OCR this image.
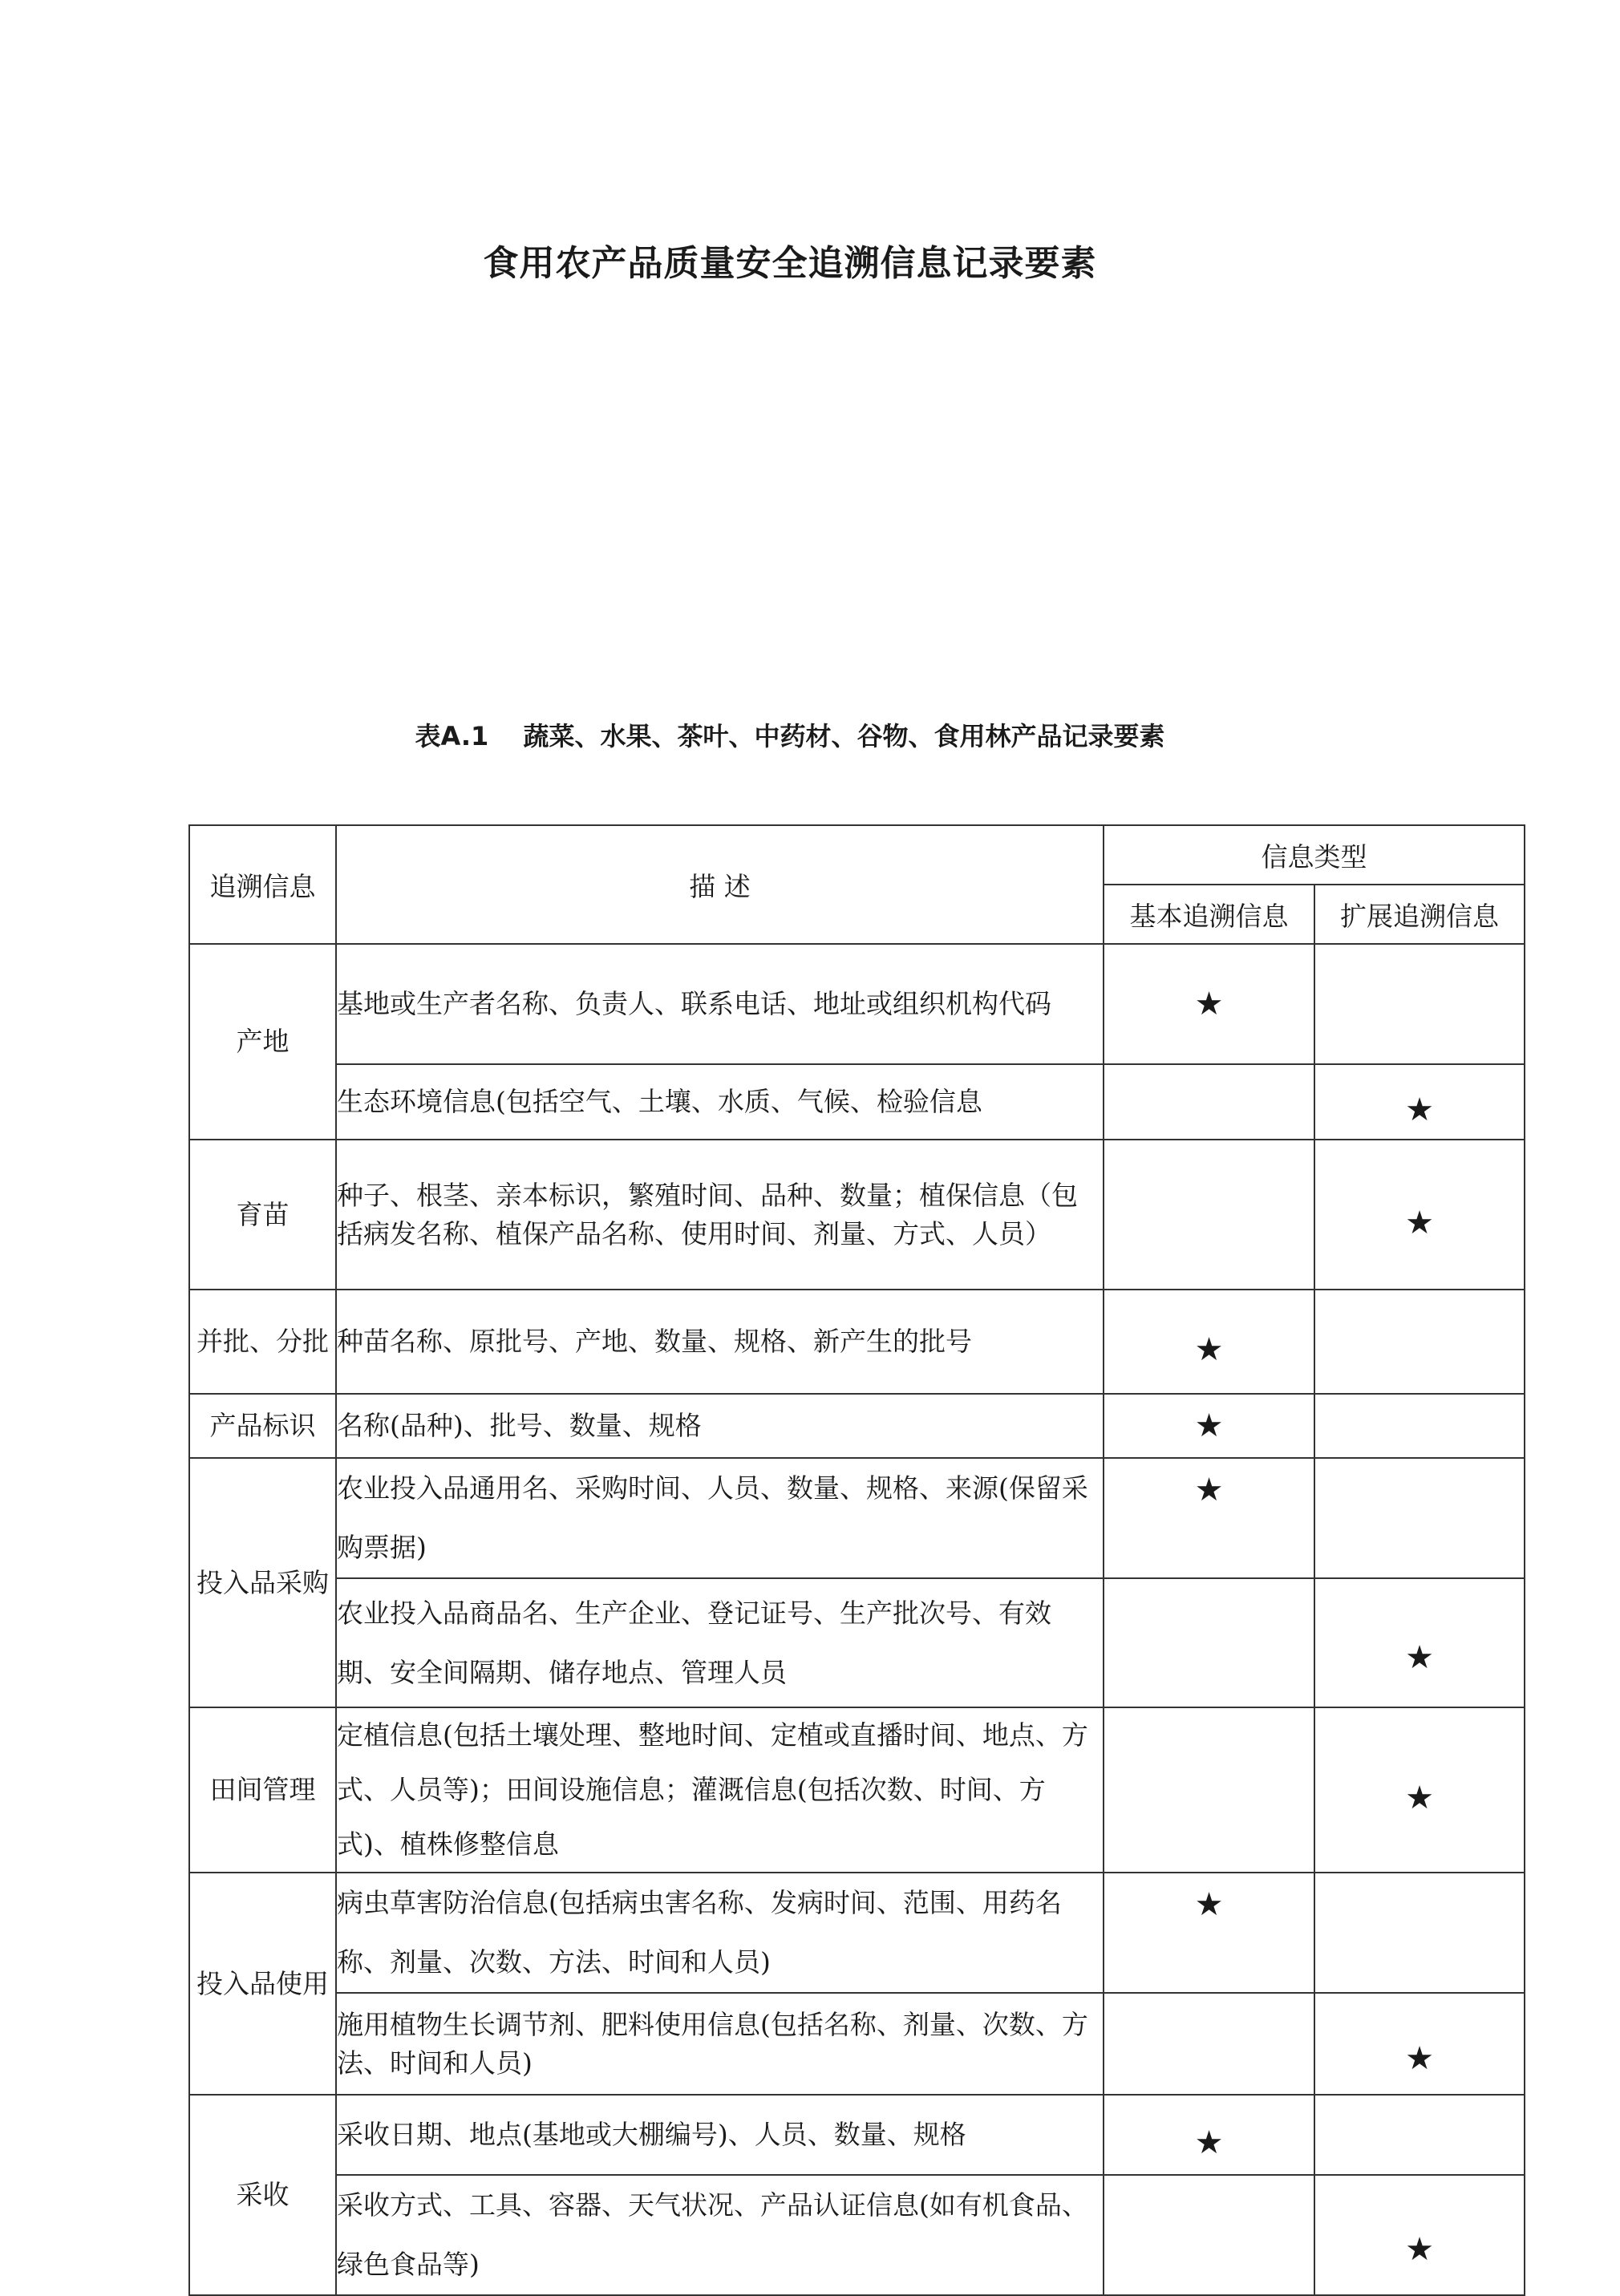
食用农产品质量安全追溯信息记录要素
表A.1　 蔬菜、水果、茶叶、中药材、谷物、食用林产品记录要素
追溯信息	描 述	信息类型	
		基本追溯信息	扩展追溯信息
产地	基地或生产者名称、负责人、联系电话、地址或组织机构代码	★	
	生态环境信息(包括空气、土壤、水质、气候、检验信息		★
育苗	种子、根茎、亲本标识，繁殖时间、品种、数量；植保信息（包括病发名称、植保产品名称、使用时间、剂量、方式、人员）		★
并批、分批	种苗名称、原批号、产地、数量、规格、新产生的批号	★	
产品标识	名称(品种)、批号、数量、规格	★	
投入品采购	农业投入品通用名、采购时间、人员、数量、规格、来源(保留采购票据)	★	
	农业投入品商品名、生产企业、登记证号、生产批次号、有效期、安全间隔期、储存地点、管理人员		★
田间管理	定植信息(包括土壤处理、整地时间、定植或直播时间、地点、方式、人员等)；田间设施信息；灌溉信息(包括次数、时间、方式)、植株修整信息		★
投入品使用	病虫草害防治信息(包括病虫害名称、发病时间、范围、用药名称、剂量、次数、方法、时间和人员)	★	
	施用植物生长调节剂、肥料使用信息(包括名称、剂量、次数、方法、时间和人员)		★
采收	采收日期、地点(基地或大棚编号)、人员、数量、规格	★	
	采收方式、工具、容器、天气状况、产品认证信息(如有机食品、绿色食品等)		★
